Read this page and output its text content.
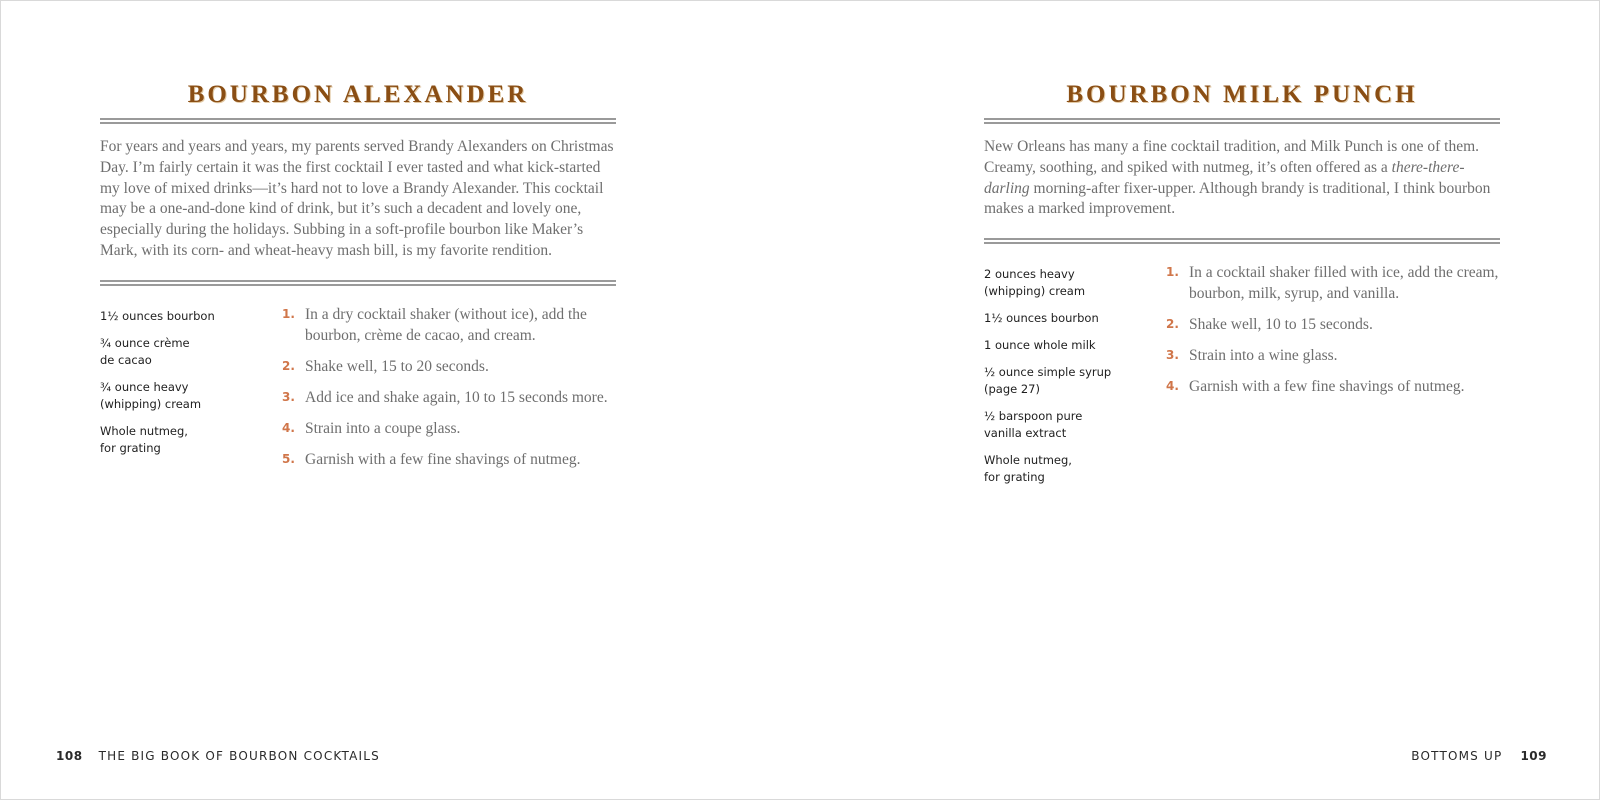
BOURBON ALEXANDER

For years and years and years, my parents served Brandy Alexanders on Christmas Day. I’m fairly certain it was the first cocktail I ever tasted and what kick-started my love of mixed drinks—it’s hard not to love a Brandy Alexander. This cocktail may be a one-and-done kind of drink, but it’s such a decadent and lovely one, especially during the holidays. Subbing in a soft-profile bourbon like Maker’s Mark, with its corn- and wheat-heavy mash bill, is my favorite rendition.

1½ ounces bourbon
¾ ounce crème
de cacao
¾ ounce heavy
(whipping) cream
Whole nutmeg,
for grating
1. In a dry cocktail shaker (without ice), add the bourbon, crème de cacao, and cream.
2. Shake well, 15 to 20 seconds.
3. Add ice and shake again, 10 to 15 seconds more.
4. Strain into a coupe glass.
5. Garnish with a few fine shavings of nutmeg.
108 THE BIG BOOK OF BOURBON COCKTAILS
BOURBON MILK PUNCH

New Orleans has many a fine cocktail tradition, and Milk Punch is one of them. Creamy, soothing, and spiked with nutmeg, it’s often offered as a there-there-darling morning-after fixer-upper. Although brandy is traditional, I think bourbon makes a marked improvement.

2 ounces heavy
(whipping) cream
1½ ounces bourbon
1 ounce whole milk
½ ounce simple syrup
(page 27)
½ barspoon pure
vanilla extract
Whole nutmeg,
for grating
1. In a cocktail shaker filled with ice, add the cream, bourbon, milk, syrup, and vanilla.
2. Shake well, 10 to 15 seconds.
3. Strain into a wine glass.
4. Garnish with a few fine shavings of nutmeg.
BOTTOMS UP 109
